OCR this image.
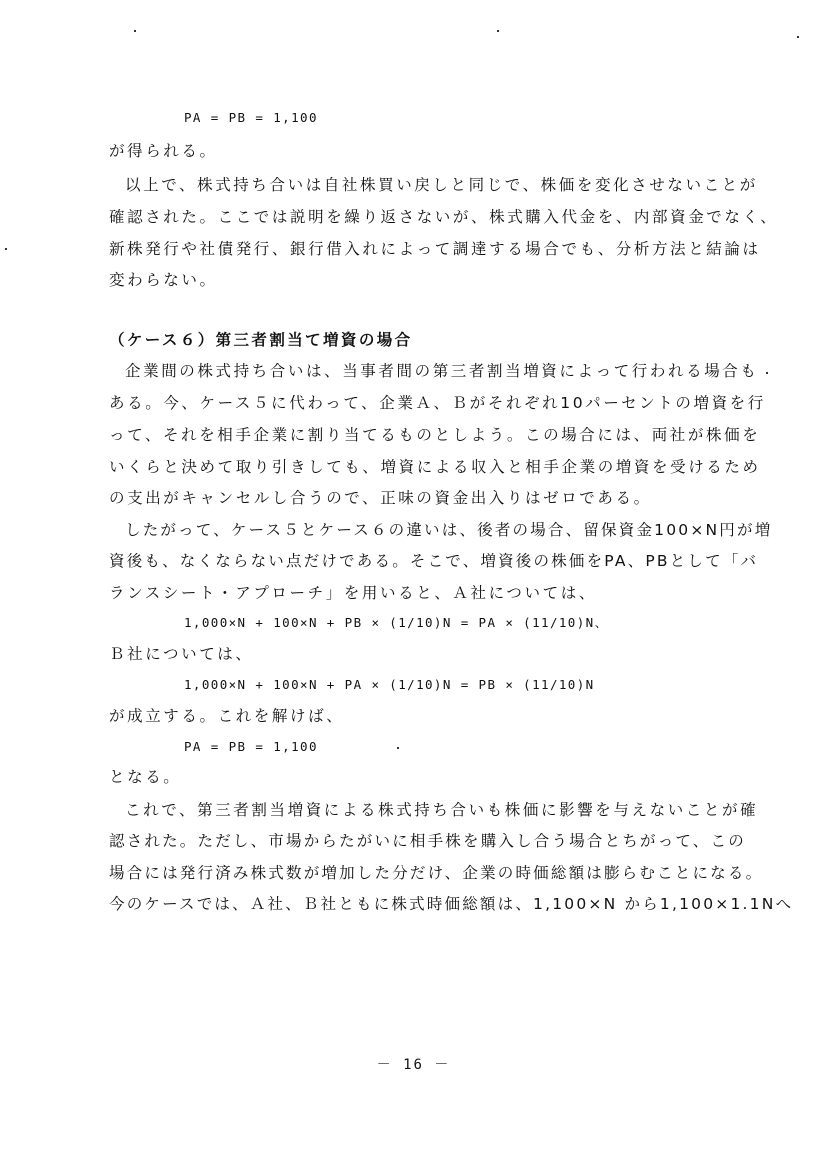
PA = PB = 1,100
が得られる。
以上で、株式持ち合いは自社株買い戻しと同じで、株価を変化させないことが
確認された。ここでは説明を繰り返さないが、株式購入代金を、内部資金でなく、
新株発行や社債発行、銀行借入れによって調達する場合でも、分析方法と結論は
変わらない。
（ケース６）第三者割当て増資の場合
企業間の株式持ち合いは、当事者間の第三者割当増資によって行われる場合も
ある。今、ケース５に代わって、企業Ａ、Ｂがそれぞれ10パーセントの増資を行
って、それを相手企業に割り当てるものとしよう。この場合には、両社が株価を
いくらと決めて取り引きしても、増資による収入と相手企業の増資を受けるため
の支出がキャンセルし合うので、正味の資金出入りはゼロである。
したがって、ケース５とケース６の違いは、後者の場合、留保資金100×N円が増
資後も、なくならない点だけである。そこで、増資後の株価をPA、PBとして「バ
ランスシート・アプローチ」を用いると、Ａ社については、
1,000×N + 100×N + PB × (1/10)N = PA × (11/10)N、
Ｂ社については、
1,000×N + 100×N + PA × (1/10)N = PB × (11/10)N
が成立する。これを解けば、
PA = PB = 1,100
となる。
これで、第三者割当増資による株式持ち合いも株価に影響を与えないことが確
認された。ただし、市場からたがいに相手株を購入し合う場合とちがって、この
場合には発行済み株式数が増加した分だけ、企業の時価総額は膨らむことになる。
今のケースでは、Ａ社、Ｂ社ともに株式時価総額は、1,100×N から1,100×1.1Nへ
－ 16 －
